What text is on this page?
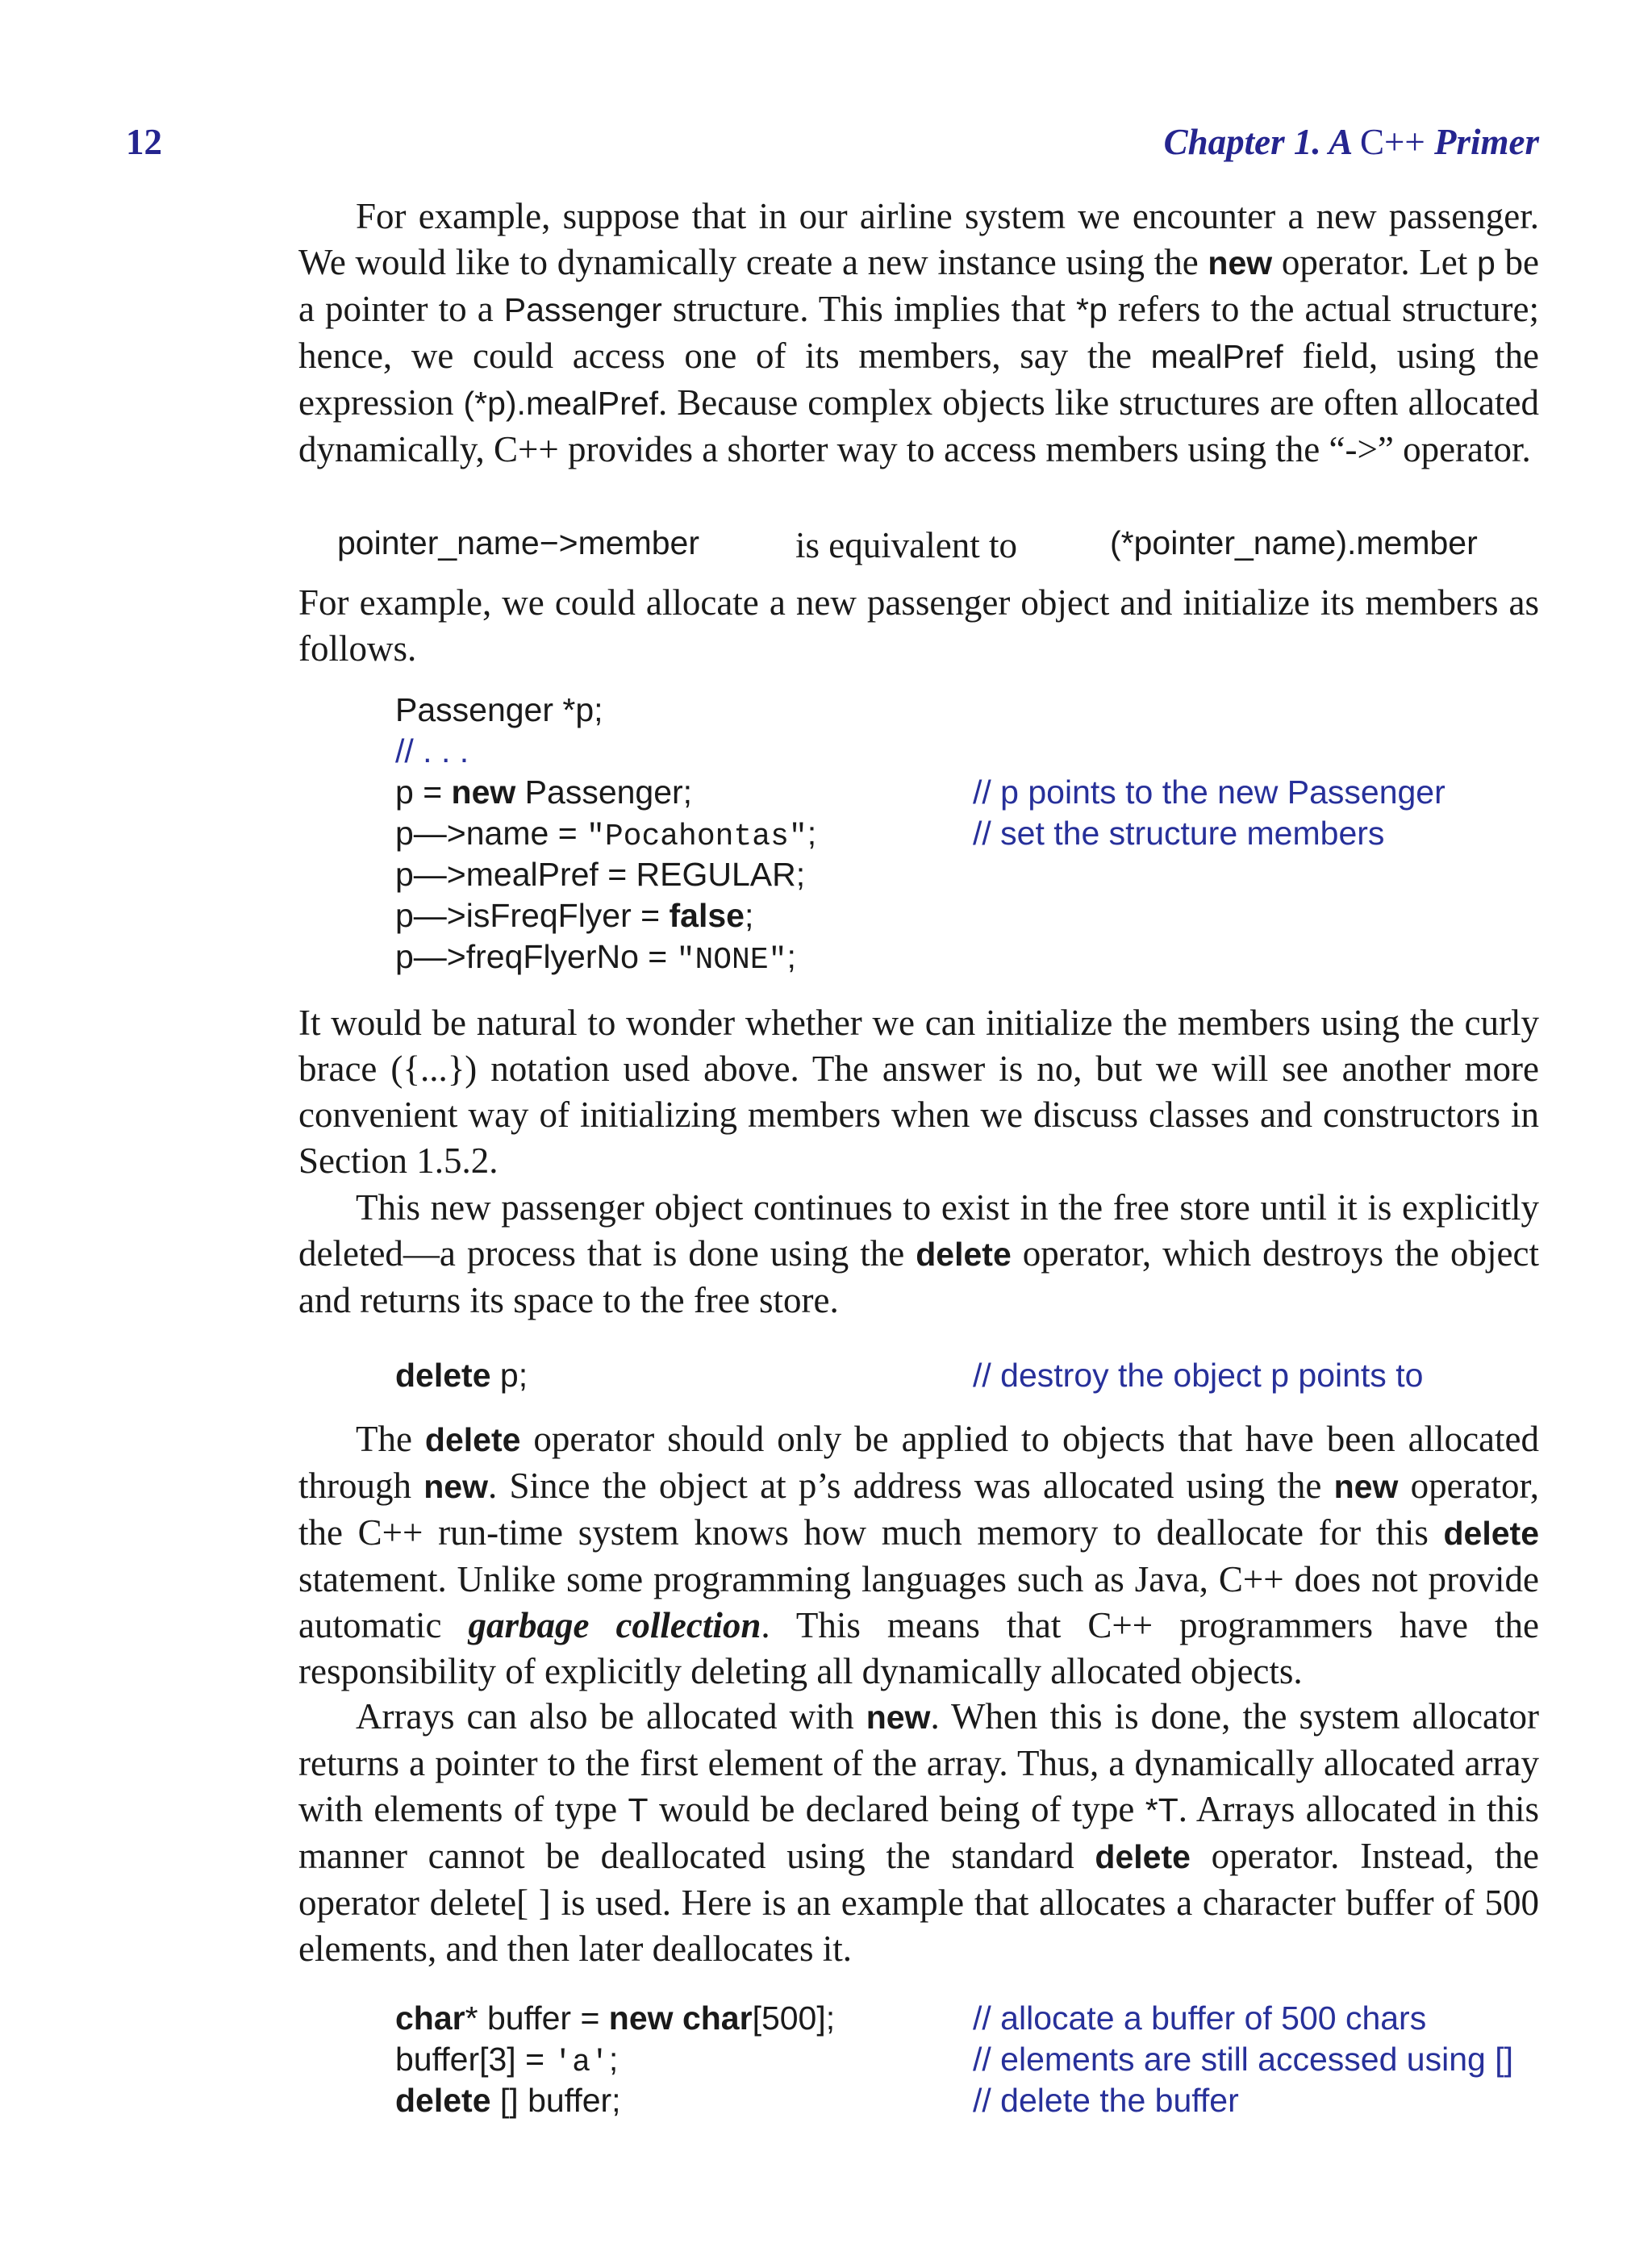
12	Chapter 1. A C++ Primer

For example, suppose that in our airline system we encounter a new passenger. We would like to dynamically create a new instance using the new operator. Let p be a pointer to a Passenger structure. This implies that *p refers to the actual structure; hence, we could access one of its members, say the mealPref field, using the expression (*p).mealPref. Because complex objects like structures are often allocated dynamically, C++ provides a shorter way to access members using the “->” operator.

pointer_name−>member	is equivalent to	(*pointer_name).member

For example, we could allocate a new passenger object and initialize its members as follows.

Passenger *p;
// . . .
p = new Passenger;	// p points to the new Passenger
p—>name = "Pocahontas";	// set the structure members
p—>mealPref = REGULAR;
p—>isFreqFlyer = false;
p—>freqFlyerNo = "NONE";

It would be natural to wonder whether we can initialize the members using the curly brace ({...}) notation used above. The answer is no, but we will see another more convenient way of initializing members when we discuss classes and constructors in Section 1.5.2.

This new passenger object continues to exist in the free store until it is explicitly deleted—a process that is done using the delete operator, which destroys the object and returns its space to the free store.

delete p;	// destroy the object p points to

The delete operator should only be applied to objects that have been allocated through new. Since the object at p’s address was allocated using the new operator, the C++ run-time system knows how much memory to deallocate for this delete statement. Unlike some programming languages such as Java, C++ does not provide automatic garbage collection. This means that C++ programmers have the responsibility of explicitly deleting all dynamically allocated objects.

Arrays can also be allocated with new. When this is done, the system allocator returns a pointer to the first element of the array. Thus, a dynamically allocated array with elements of type T would be declared being of type *T. Arrays allocated in this manner cannot be deallocated using the standard delete operator. Instead, the operator delete[ ] is used. Here is an example that allocates a character buffer of 500 elements, and then later deallocates it.

char* buffer = new char[500];	// allocate a buffer of 500 chars
buffer[3] = 'a';	// elements are still accessed using []
delete [] buffer;	// delete the buffer
